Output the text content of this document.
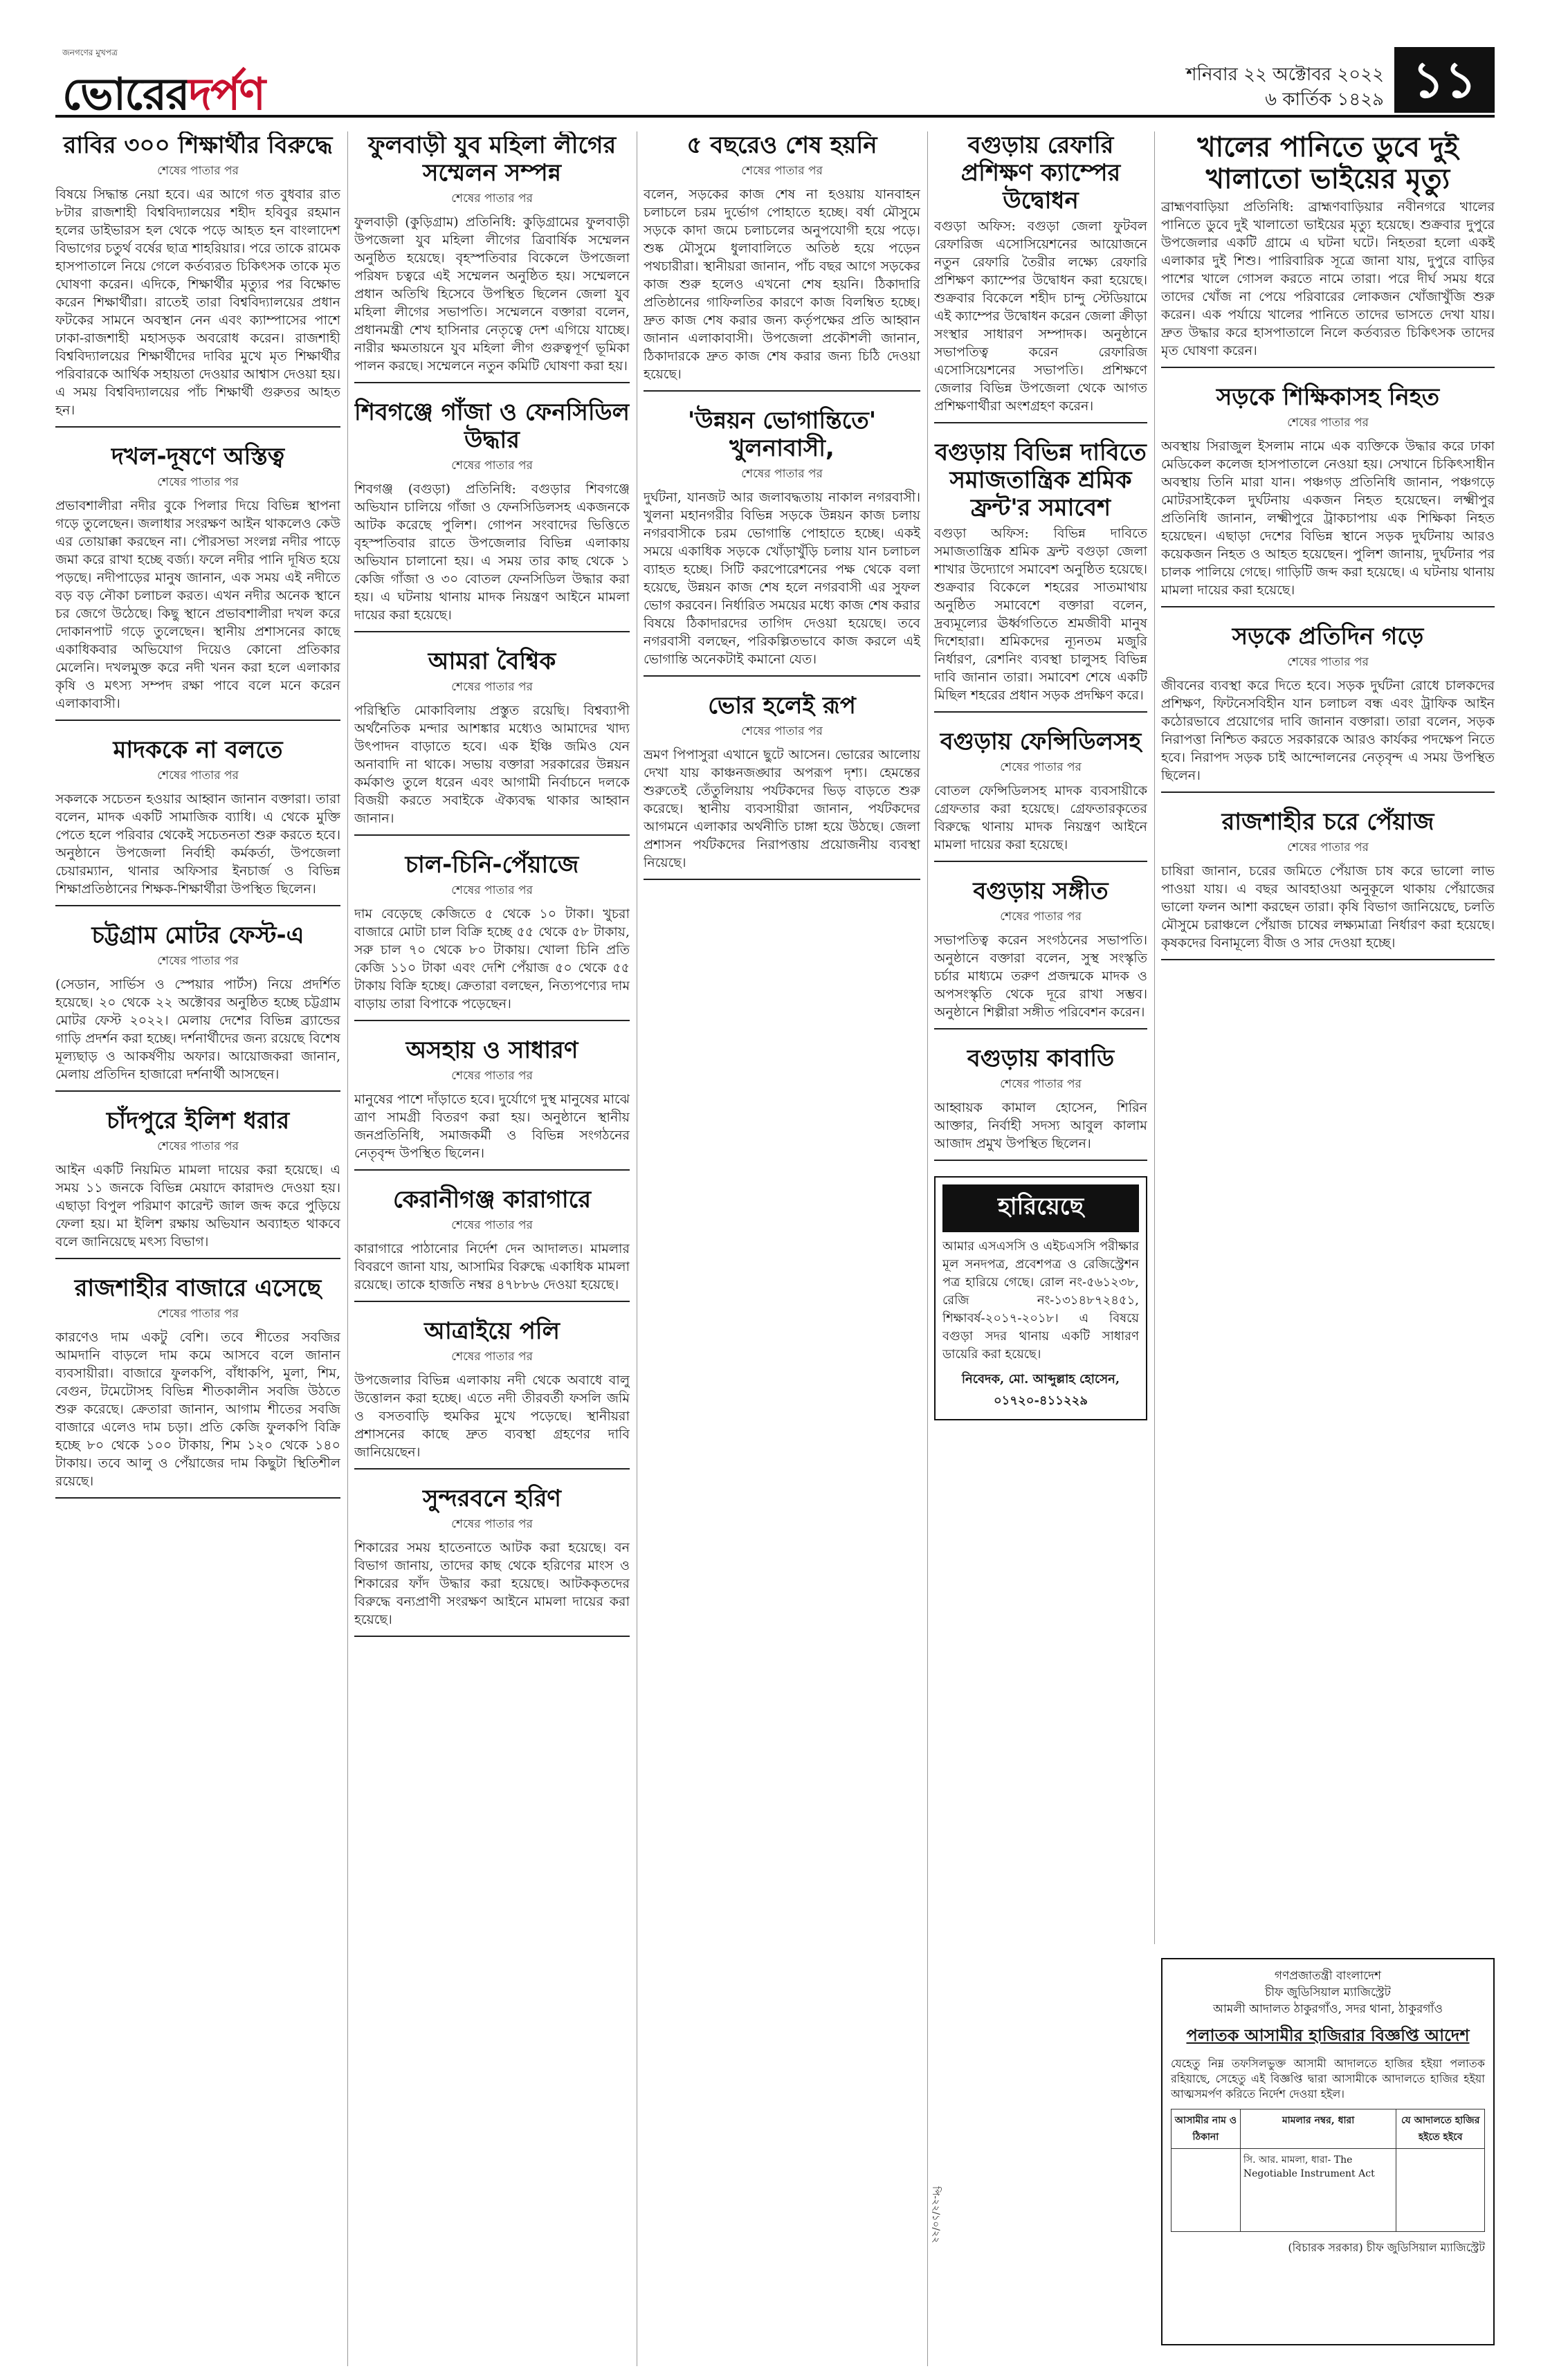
জনগণের মুখপত্র
ভোরেরদর্পণ	শনিবার ২২ অক্টোবর ২০২২
৬ কার্তিক ১৪২৯ ১১
রাবির ৩০০ শিক্ষার্থীর বিরুদ্ধে
শেষের পাতার পর
বিষয়ে সিদ্ধান্ত নেয়া হবে। এর আগে গত বুধবার রাত ৮টার রাজশাহী বিশ্ববিদ্যালয়ের শহীদ হবিবুর রহমান হলের ডাইভারস হল থেকে পড়ে আহত হন বাংলাদেশ বিভাগের চতুর্থ বর্ষের ছাত্র শাহরিয়ার। পরে তাকে রামেক হাসপাতালে নিয়ে গেলে কর্তব্যরত চিকিৎসক তাকে মৃত ঘোষণা করেন। এদিকে, শিক্ষার্থীর মৃত্যুর পর বিক্ষোভ করেন শিক্ষার্থীরা। রাতেই তারা বিশ্ববিদ্যালয়ের প্রধান ফটকের সামনে অবস্থান নেন এবং ক্যাম্পাসের পাশে ঢাকা-রাজশাহী মহাসড়ক অবরোধ করেন। রাজশাহী বিশ্ববিদ্যালয়ের শিক্ষার্থীদের দাবির মুখে মৃত শিক্ষার্থীর পরিবারকে আর্থিক সহায়তা দেওয়ার আশ্বাস দেওয়া হয়। এ সময় বিশ্ববিদ্যালয়ের পাঁচ শিক্ষার্থী গুরুতর আহত হন।
দখল-দূষণে অস্তিত্ব
শেষের পাতার পর
প্রভাবশালীরা নদীর বুকে পিলার দিয়ে বিভিন্ন স্থাপনা গড়ে তুলেছেন। জলাধার সংরক্ষণ আইন থাকলেও কেউ এর তোয়াক্কা করছেন না। পৌরসভা সংলগ্ন নদীর পাড়ে জমা করে রাখা হচ্ছে বর্জ্য। ফলে নদীর পানি দূষিত হয়ে পড়ছে। নদীপাড়ের মানুষ জানান, এক সময় এই নদীতে বড় বড় নৌকা চলাচল করত। এখন নদীর অনেক স্থানে চর জেগে উঠেছে। কিছু স্থানে প্রভাবশালীরা দখল করে দোকানপাট গড়ে তুলেছেন। স্থানীয় প্রশাসনের কাছে একাধিকবার অভিযোগ দিয়েও কোনো প্রতিকার মেলেনি। দখলমুক্ত করে নদী খনন করা হলে এলাকার কৃষি ও মৎস্য সম্পদ রক্ষা পাবে বলে মনে করেন এলাকাবাসী।
মাদককে না বলতে
শেষের পাতার পর
সকলকে সচেতন হওয়ার আহ্বান জানান বক্তারা। তারা বলেন, মাদক একটি সামাজিক ব্যাধি। এ থেকে মুক্তি পেতে হলে পরিবার থেকেই সচেতনতা শুরু করতে হবে। অনুষ্ঠানে উপজেলা নির্বাহী কর্মকর্তা, উপজেলা চেয়ারম্যান, থানার অফিসার ইনচার্জ ও বিভিন্ন শিক্ষাপ্রতিষ্ঠানের শিক্ষক-শিক্ষার্থীরা উপস্থিত ছিলেন।
চট্টগ্রাম মোটর ফেস্ট-এ
শেষের পাতার পর
(সেডান, সার্ভিস ও স্পেয়ার পার্টস) নিয়ে প্রদর্শিত হয়েছে। ২০ থেকে ২২ অক্টোবর অনুষ্ঠিত হচ্ছে চট্টগ্রাম মোটর ফেস্ট ২০২২। মেলায় দেশের বিভিন্ন ব্র্যান্ডের গাড়ি প্রদর্শন করা হচ্ছে। দর্শনার্থীদের জন্য রয়েছে বিশেষ মূল্যছাড় ও আকর্ষণীয় অফার। আয়োজকরা জানান, মেলায় প্রতিদিন হাজারো দর্শনার্থী আসছেন।
চাঁদপুরে ইলিশ ধরার
শেষের পাতার পর
আইন একটি নিয়মিত মামলা দায়ের করা হয়েছে। এ সময় ১১ জনকে বিভিন্ন মেয়াদে কারাদণ্ড দেওয়া হয়। এছাড়া বিপুল পরিমাণ কারেন্ট জাল জব্দ করে পুড়িয়ে ফেলা হয়। মা ইলিশ রক্ষায় অভিযান অব্যাহত থাকবে বলে জানিয়েছে মৎস্য বিভাগ।
রাজশাহীর বাজারে এসেছে
শেষের পাতার পর
কারণেও দাম একটু বেশি। তবে শীতের সবজির আমদানি বাড়লে দাম কমে আসবে বলে জানান ব্যবসায়ীরা। বাজারে ফুলকপি, বাঁধাকপি, মুলা, শিম, বেগুন, টমেটোসহ বিভিন্ন শীতকালীন সবজি উঠতে শুরু করেছে। ক্রেতারা জানান, আগাম শীতের সবজি বাজারে এলেও দাম চড়া। প্রতি কেজি ফুলকপি বিক্রি হচ্ছে ৮০ থেকে ১০০ টাকায়, শিম ১২০ থেকে ১৪০ টাকায়। তবে আলু ও পেঁয়াজের দাম কিছুটা স্থিতিশীল রয়েছে।
ফুলবাড়ী যুব মহিলা লীগের সম্মেলন সম্পন্ন
শেষের পাতার পর
ফুলবাড়ী (কুড়িগ্রাম) প্রতিনিধি: কুড়িগ্রামের ফুলবাড়ী উপজেলা যুব মহিলা লীগের ত্রিবার্ষিক সম্মেলন অনুষ্ঠিত হয়েছে। বৃহস্পতিবার বিকেলে উপজেলা পরিষদ চত্বরে এই সম্মেলন অনুষ্ঠিত হয়। সম্মেলনে প্রধান অতিথি হিসেবে উপস্থিত ছিলেন জেলা যুব মহিলা লীগের সভাপতি। সম্মেলনে বক্তারা বলেন, প্রধানমন্ত্রী শেখ হাসিনার নেতৃত্বে দেশ এগিয়ে যাচ্ছে। নারীর ক্ষমতায়নে যুব মহিলা লীগ গুরুত্বপূর্ণ ভূমিকা পালন করছে। সম্মেলনে নতুন কমিটি ঘোষণা করা হয়।
শিবগঞ্জে গাঁজা ও ফেনসিডিল উদ্ধার
শেষের পাতার পর
শিবগঞ্জ (বগুড়া) প্রতিনিধি: বগুড়ার শিবগঞ্জে অভিযান চালিয়ে গাঁজা ও ফেনসিডিলসহ একজনকে আটক করেছে পুলিশ। গোপন সংবাদের ভিত্তিতে বৃহস্পতিবার রাতে উপজেলার বিভিন্ন এলাকায় অভিযান চালানো হয়। এ সময় তার কাছ থেকে ১ কেজি গাঁজা ও ৩০ বোতল ফেনসিডিল উদ্ধার করা হয়। এ ঘটনায় থানায় মাদক নিয়ন্ত্রণ আইনে মামলা দায়ের করা হয়েছে।
আমরা বৈশ্বিক
শেষের পাতার পর
পরিস্থিতি মোকাবিলায় প্রস্তুত রয়েছি। বিশ্বব্যাপী অর্থনৈতিক মন্দার আশঙ্কার মধ্যেও আমাদের খাদ্য উৎপাদন বাড়াতে হবে। এক ইঞ্চি জমিও যেন অনাবাদি না থাকে। সভায় বক্তারা সরকারের উন্নয়ন কর্মকাণ্ড তুলে ধরেন এবং আগামী নির্বাচনে দলকে বিজয়ী করতে সবাইকে ঐক্যবদ্ধ থাকার আহ্বান জানান।
চাল-চিনি-পেঁয়াজে
শেষের পাতার পর
দাম বেড়েছে কেজিতে ৫ থেকে ১০ টাকা। খুচরা বাজারে মোটা চাল বিক্রি হচ্ছে ৫৫ থেকে ৫৮ টাকায়, সরু চাল ৭০ থেকে ৮০ টাকায়। খোলা চিনি প্রতি কেজি ১১০ টাকা এবং দেশি পেঁয়াজ ৫০ থেকে ৫৫ টাকায় বিক্রি হচ্ছে। ক্রেতারা বলছেন, নিত্যপণ্যের দাম বাড়ায় তারা বিপাকে পড়েছেন।
অসহায় ও সাধারণ
শেষের পাতার পর
মানুষের পাশে দাঁড়াতে হবে। দুর্যোগে দুস্থ মানুষের মাঝে ত্রাণ সামগ্রী বিতরণ করা হয়। অনুষ্ঠানে স্থানীয় জনপ্রতিনিধি, সমাজকর্মী ও বিভিন্ন সংগঠনের নেতৃবৃন্দ উপস্থিত ছিলেন।
কেরানীগঞ্জ কারাগারে
শেষের পাতার পর
কারাগারে পাঠানোর নির্দেশ দেন আদালত। মামলার বিবরণে জানা যায়, আসামির বিরুদ্ধে একাধিক মামলা রয়েছে। তাকে হাজতি নম্বর ৪৭৮৮৬ দেওয়া হয়েছে।
আত্রাইয়ে পলি
শেষের পাতার পর
উপজেলার বিভিন্ন এলাকায় নদী থেকে অবাধে বালু উত্তোলন করা হচ্ছে। এতে নদী তীরবর্তী ফসলি জমি ও বসতবাড়ি হুমকির মুখে পড়েছে। স্থানীয়রা প্রশাসনের কাছে দ্রুত ব্যবস্থা গ্রহণের দাবি জানিয়েছেন।
সুন্দরবনে হরিণ
শেষের পাতার পর
শিকারের সময় হাতেনাতে আটক করা হয়েছে। বন বিভাগ জানায়, তাদের কাছ থেকে হরিণের মাংস ও শিকারের ফাঁদ উদ্ধার করা হয়েছে। আটককৃতদের বিরুদ্ধে বন্যপ্রাণী সংরক্ষণ আইনে মামলা দায়ের করা হয়েছে।
৫ বছরেও শেষ হয়নি
শেষের পাতার পর
বলেন, সড়কের কাজ শেষ না হওয়ায় যানবাহন চলাচলে চরম দুর্ভোগ পোহাতে হচ্ছে। বর্ষা মৌসুমে সড়কে কাদা জমে চলাচলের অনুপযোগী হয়ে পড়ে। শুষ্ক মৌসুমে ধুলাবালিতে অতিষ্ঠ হয়ে পড়েন পথচারীরা। স্থানীয়রা জানান, পাঁচ বছর আগে সড়কের কাজ শুরু হলেও এখনো শেষ হয়নি। ঠিকাদারি প্রতিষ্ঠানের গাফিলতির কারণে কাজ বিলম্বিত হচ্ছে। দ্রুত কাজ শেষ করার জন্য কর্তৃপক্ষের প্রতি আহ্বান জানান এলাকাবাসী। উপজেলা প্রকৌশলী জানান, ঠিকাদারকে দ্রুত কাজ শেষ করার জন্য চিঠি দেওয়া হয়েছে।
'উন্নয়ন ভোগান্তিতে' খুলনাবাসী,
শেষের পাতার পর
দুর্ঘটনা, যানজট আর জলাবদ্ধতায় নাকাল নগরবাসী। খুলনা মহানগরীর বিভিন্ন সড়কে উন্নয়ন কাজ চলায় নগরবাসীকে চরম ভোগান্তি পোহাতে হচ্ছে। একই সময়ে একাধিক সড়কে খোঁড়াখুঁড়ি চলায় যান চলাচল ব্যাহত হচ্ছে। সিটি করপোরেশনের পক্ষ থেকে বলা হয়েছে, উন্নয়ন কাজ শেষ হলে নগরবাসী এর সুফল ভোগ করবেন। নির্ধারিত সময়ের মধ্যে কাজ শেষ করার বিষয়ে ঠিকাদারদের তাগিদ দেওয়া হয়েছে। তবে নগরবাসী বলছেন, পরিকল্পিতভাবে কাজ করলে এই ভোগান্তি অনেকটাই কমানো যেত।
ভোর হলেই রূপ
শেষের পাতার পর
ভ্রমণ পিপাসুরা এখানে ছুটে আসেন। ভোরের আলোয় দেখা যায় কাঞ্চনজঙ্ঘার অপরূপ দৃশ্য। হেমন্তের শুরুতেই তেঁতুলিয়ায় পর্যটকদের ভিড় বাড়তে শুরু করেছে। স্থানীয় ব্যবসায়ীরা জানান, পর্যটকদের আগমনে এলাকার অর্থনীতি চাঙ্গা হয়ে উঠছে। জেলা প্রশাসন পর্যটকদের নিরাপত্তায় প্রয়োজনীয় ব্যবস্থা নিয়েছে।
বগুড়ায় রেফারি প্রশিক্ষণ ক্যাম্পের উদ্বোধন
বগুড়া অফিস: বগুড়া জেলা ফুটবল রেফারিজ এসোসিয়েশনের আয়োজনে নতুন রেফারি তৈরীর লক্ষ্যে রেফারি প্রশিক্ষণ ক্যাম্পের উদ্বোধন করা হয়েছে। শুক্রবার বিকেলে শহীদ চান্দু স্টেডিয়ামে এই ক্যাম্পের উদ্বোধন করেন জেলা ক্রীড়া সংস্থার সাধারণ সম্পাদক। অনুষ্ঠানে সভাপতিত্ব করেন রেফারিজ এসোসিয়েশনের সভাপতি। প্রশিক্ষণে জেলার বিভিন্ন উপজেলা থেকে আগত প্রশিক্ষণার্থীরা অংশগ্রহণ করেন।
বগুড়ায় বিভিন্ন দাবিতে সমাজতান্ত্রিক শ্রমিক ফ্রন্ট'র সমাবেশ
বগুড়া অফিস: বিভিন্ন দাবিতে সমাজতান্ত্রিক শ্রমিক ফ্রন্ট বগুড়া জেলা শাখার উদ্যোগে সমাবেশ অনুষ্ঠিত হয়েছে। শুক্রবার বিকেলে শহরের সাতমাথায় অনুষ্ঠিত সমাবেশে বক্তারা বলেন, দ্রব্যমূল্যের ঊর্ধ্বগতিতে শ্রমজীবী মানুষ দিশেহারা। শ্রমিকদের ন্যূনতম মজুরি নির্ধারণ, রেশনিং ব্যবস্থা চালুসহ বিভিন্ন দাবি জানান তারা। সমাবেশ শেষে একটি মিছিল শহরের প্রধান সড়ক প্রদক্ষিণ করে।
বগুড়ায় ফেন্সিডিলসহ
শেষের পাতার পর
বোতল ফেন্সিডিলসহ মাদক ব্যবসায়ীকে গ্রেফতার করা হয়েছে। গ্রেফতারকৃতের বিরুদ্ধে থানায় মাদক নিয়ন্ত্রণ আইনে মামলা দায়ের করা হয়েছে।
বগুড়ায় সঙ্গীত
শেষের পাতার পর
সভাপতিত্ব করেন সংগঠনের সভাপতি। অনুষ্ঠানে বক্তারা বলেন, সুস্থ সংস্কৃতি চর্চার মাধ্যমে তরুণ প্রজন্মকে মাদক ও অপসংস্কৃতি থেকে দূরে রাখা সম্ভব। অনুষ্ঠানে শিল্পীরা সঙ্গীত পরিবেশন করেন।
বগুড়ায় কাবাডি
শেষের পাতার পর
আহ্বায়ক কামাল হোসেন, শিরিন আক্তার, নির্বাহী সদস্য আবুল কালাম আজাদ প্রমুখ উপস্থিত ছিলেন।
হারিয়েছে
আমার এসএসসি ও এইচএসসি পরীক্ষার মূল সনদপত্র, প্রবেশপত্র ও রেজিস্ট্রেশন পত্র হারিয়ে গেছে। রোল নং-৫৬১২৩৮, রেজি নং-১৩১৪৮৭২৪৫১, শিক্ষাবর্ষ-২০১৭-২০১৮। এ বিষয়ে বগুড়া সদর থানায় একটি সাধারণ ডায়েরি করা হয়েছে।
নিবেদক, মো. আব্দুল্লাহ হোসেন, ০১৭২০-৪১১২২৯
খালের পানিতে ডুবে দুই খালাতো ভাইয়ের মৃত্যু
ব্রাহ্মণবাড়িয়া প্রতিনিধি: ব্রাহ্মণবাড়িয়ার নবীনগরে খালের পানিতে ডুবে দুই খালাতো ভাইয়ের মৃত্যু হয়েছে। শুক্রবার দুপুরে উপজেলার একটি গ্রামে এ ঘটনা ঘটে। নিহতরা হলো একই এলাকার দুই শিশু। পারিবারিক সূত্রে জানা যায়, দুপুরে বাড়ির পাশের খালে গোসল করতে নামে তারা। পরে দীর্ঘ সময় ধরে তাদের খোঁজ না পেয়ে পরিবারের লোকজন খোঁজাখুঁজি শুরু করেন। এক পর্যায়ে খালের পানিতে তাদের ভাসতে দেখা যায়। দ্রুত উদ্ধার করে হাসপাতালে নিলে কর্তব্যরত চিকিৎসক তাদের মৃত ঘোষণা করেন।
সড়কে শিক্ষিকাসহ নিহত
শেষের পাতার পর
অবস্থায় সিরাজুল ইসলাম নামে এক ব্যক্তিকে উদ্ধার করে ঢাকা মেডিকেল কলেজ হাসপাতালে নেওয়া হয়। সেখানে চিকিৎসাধীন অবস্থায় তিনি মারা যান। পঞ্চগড় প্রতিনিধি জানান, পঞ্চগড়ে মোটরসাইকেল দুর্ঘটনায় একজন নিহত হয়েছেন। লক্ষ্মীপুর প্রতিনিধি জানান, লক্ষ্মীপুরে ট্রাকচাপায় এক শিক্ষিকা নিহত হয়েছেন। এছাড়া দেশের বিভিন্ন স্থানে সড়ক দুর্ঘটনায় আরও কয়েকজন নিহত ও আহত হয়েছেন। পুলিশ জানায়, দুর্ঘটনার পর চালক পালিয়ে গেছে। গাড়িটি জব্দ করা হয়েছে। এ ঘটনায় থানায় মামলা দায়ের করা হয়েছে।
সড়কে প্রতিদিন গড়ে
শেষের পাতার পর
জীবনের ব্যবস্থা করে দিতে হবে। সড়ক দুর্ঘটনা রোধে চালকদের প্রশিক্ষণ, ফিটনেসবিহীন যান চলাচল বন্ধ এবং ট্রাফিক আইন কঠোরভাবে প্রয়োগের দাবি জানান বক্তারা। তারা বলেন, সড়ক নিরাপত্তা নিশ্চিত করতে সরকারকে আরও কার্যকর পদক্ষেপ নিতে হবে। নিরাপদ সড়ক চাই আন্দোলনের নেতৃবৃন্দ এ সময় উপস্থিত ছিলেন।
রাজশাহীর চরে পেঁয়াজ
শেষের পাতার পর
চাষিরা জানান, চরের জমিতে পেঁয়াজ চাষ করে ভালো লাভ পাওয়া যায়। এ বছর আবহাওয়া অনুকূলে থাকায় পেঁয়াজের ভালো ফলন আশা করছেন তারা। কৃষি বিভাগ জানিয়েছে, চলতি মৌসুমে চরাঞ্চলে পেঁয়াজ চাষের লক্ষ্যমাত্রা নির্ধারণ করা হয়েছে। কৃষকদের বিনামূল্যে বীজ ও সার দেওয়া হচ্ছে।
গণপ্রজাতন্ত্রী বাংলাদেশ
চীফ জুডিসিয়াল ম্যাজিস্ট্রেট
আমলী আদালত ঠাকুরগাঁও, সদর থানা, ঠাকুরগাঁও
পলাতক আসামীর হাজিরার বিজ্ঞপ্তি আদেশ
যেহেতু নিম্ন তফসিলভুক্ত আসামী আদালতে হাজির হইয়া পলাতক রহিয়াছে, সেহেতু এই বিজ্ঞপ্তি দ্বারা আসামীকে আদালতে হাজির হইয়া আত্মসমর্পণ করিতে নির্দেশ দেওয়া হইল।
আসামীর নাম ও ঠিকানা	মামলার নম্বর, ধারা	যে আদালতে হাজির হইতে হইবে
	সি. আর. মামলা, ধারা- The Negotiable Instrument Act	
(বিচারক সরকার) চীফ জুডিসিয়াল ম্যাজিস্ট্রেট
পি-২২/১০/২২
